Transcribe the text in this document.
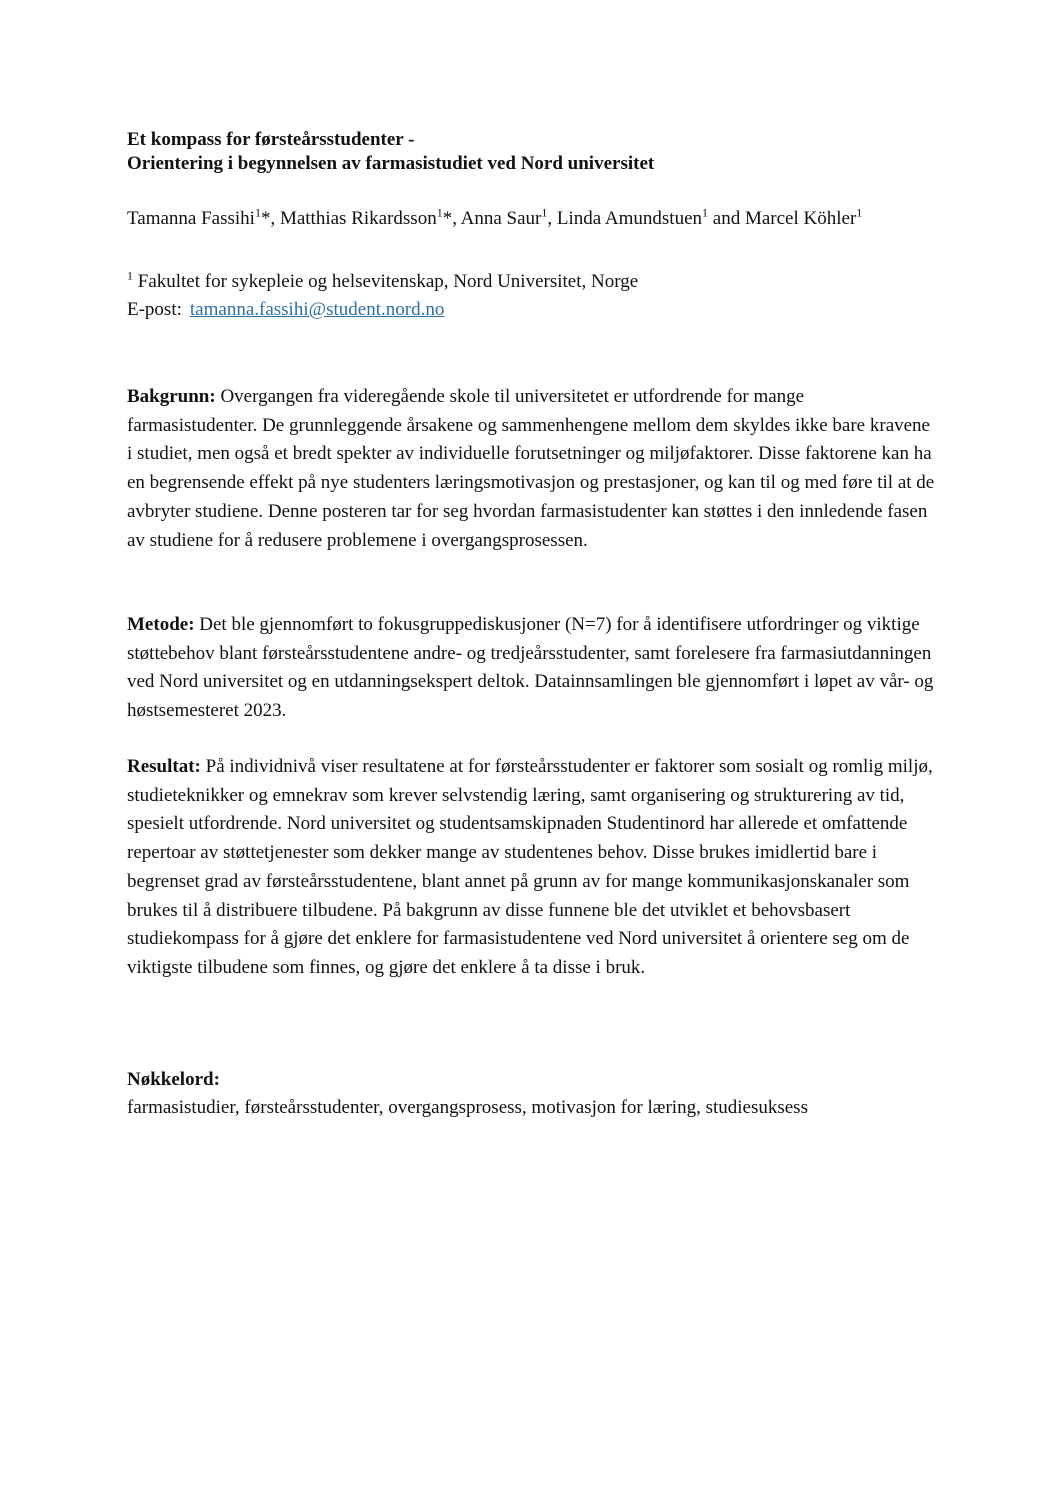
Et kompass for førsteårsstudenter -
Orientering i begynnelsen av farmasistudiet ved Nord universitet
Tamanna Fassihi$^1$*, Matthias Rikardsson$^1$*, Anna Saur$^1$, Linda Amundstuen$^1$ and Marcel Köhler$^1$
$^1$ Fakultet for sykepleie og helsevitenskap, Nord Universitet, Norge
E-post: tamanna.fassihi@student.nord.no
Bakgrunn: Overgangen fra videregående skole til universitetet er utfordrende for mange farmasistudenter. De grunnleggende årsakene og sammenhengene mellom dem skyldes ikke bare kravene i studiet, men også et bredt spekter av individuelle forutsetninger og miljøfaktorer. Disse faktorene kan ha en begrensende effekt på nye studenters læringsmotivasjon og prestasjoner, og kan til og med føre til at de avbryter studiene. Denne posteren tar for seg hvordan farmasistudenter kan støttes i den innledende fasen av studiene for å redusere problemene i overgangsprosessen.
Metode: Det ble gjennomført to fokusgruppediskusjoner (N=7) for å identifisere utfordringer og viktige støttebehov blant førsteårsstudentene andre- og tredjeårsstudenter, samt forelesere fra farmasiutdanningen ved Nord universitet og en utdanningsekspert deltok. Datainnsamlingen ble gjennomført i løpet av vår- og høstsemesteret 2023.
Resultat: På individnivå viser resultatene at for førsteårsstudenter er faktorer som sosialt og romlig miljø, studieteknikker og emnekrav som krever selvstendig læring, samt organisering og strukturering av tid, spesielt utfordrende. Nord universitet og studentsamskipnaden Studentinord har allerede et omfattende repertoar av støttetjenester som dekker mange av studentenes behov. Disse brukes imidlertid bare i begrenset grad av førsteårsstudentene, blant annet på grunn av for mange kommunikasjonskanaler som brukes til å distribuere tilbudene. På bakgrunn av disse funnene ble det utviklet et behovsbasert studiekompass for å gjøre det enklere for farmasistudentene ved Nord universitet å orientere seg om de viktigste tilbudene som finnes, og gjøre det enklere å ta disse i bruk.
Nøkkelord:
farmasistudier, førsteårsstudenter, overgangsprosess, motivasjon for læring, studiesuksess
